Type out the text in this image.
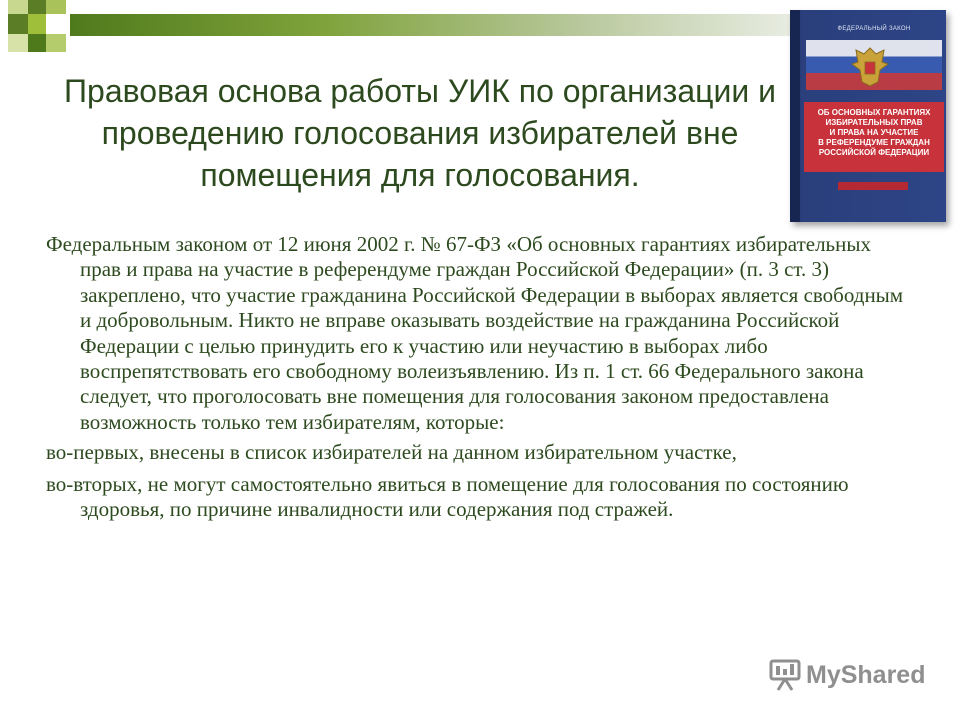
Правовая основа работы УИК по организации и
проведению голосования избирателей вне
помещения для голосования.
ФЕДЕРАЛЬНЫЙ ЗАКОН
ОБ ОСНОВНЫХ ГАРАНТИЯХ
ИЗБИРАТЕЛЬНЫХ ПРАВ
И ПРАВА НА УЧАСТИЕ
В РЕФЕРЕНДУМЕ ГРАЖДАН
РОССИЙСКОЙ ФЕДЕРАЦИИ

Федеральным законом от 12 июня 2002 г. № 67-ФЗ «Об основных гарантиях избирательных прав и права на участие в референдуме граждан Российской Федерации» (п. 3 ст. 3) закреплено, что участие гражданина Российской Федерации в выборах является свободным и добровольным. Никто не вправе оказывать воздействие на гражданина Российской Федерации с целью принудить его к участию или неучастию в выборах либо воспрепятствовать его свободному волеизъявлению. Из п. 1 ст. 66 Федерального закона следует, что проголосовать вне помещения для голосования законом предоставлена возможность только тем избирателям, которые:

во-первых, внесены в список избирателей на данном избирательном участке,

во-вторых, не могут самостоятельно явиться в помещение для голосования по состоянию здоровья, по причине инвалидности или содержания под стражей.

MyShared
